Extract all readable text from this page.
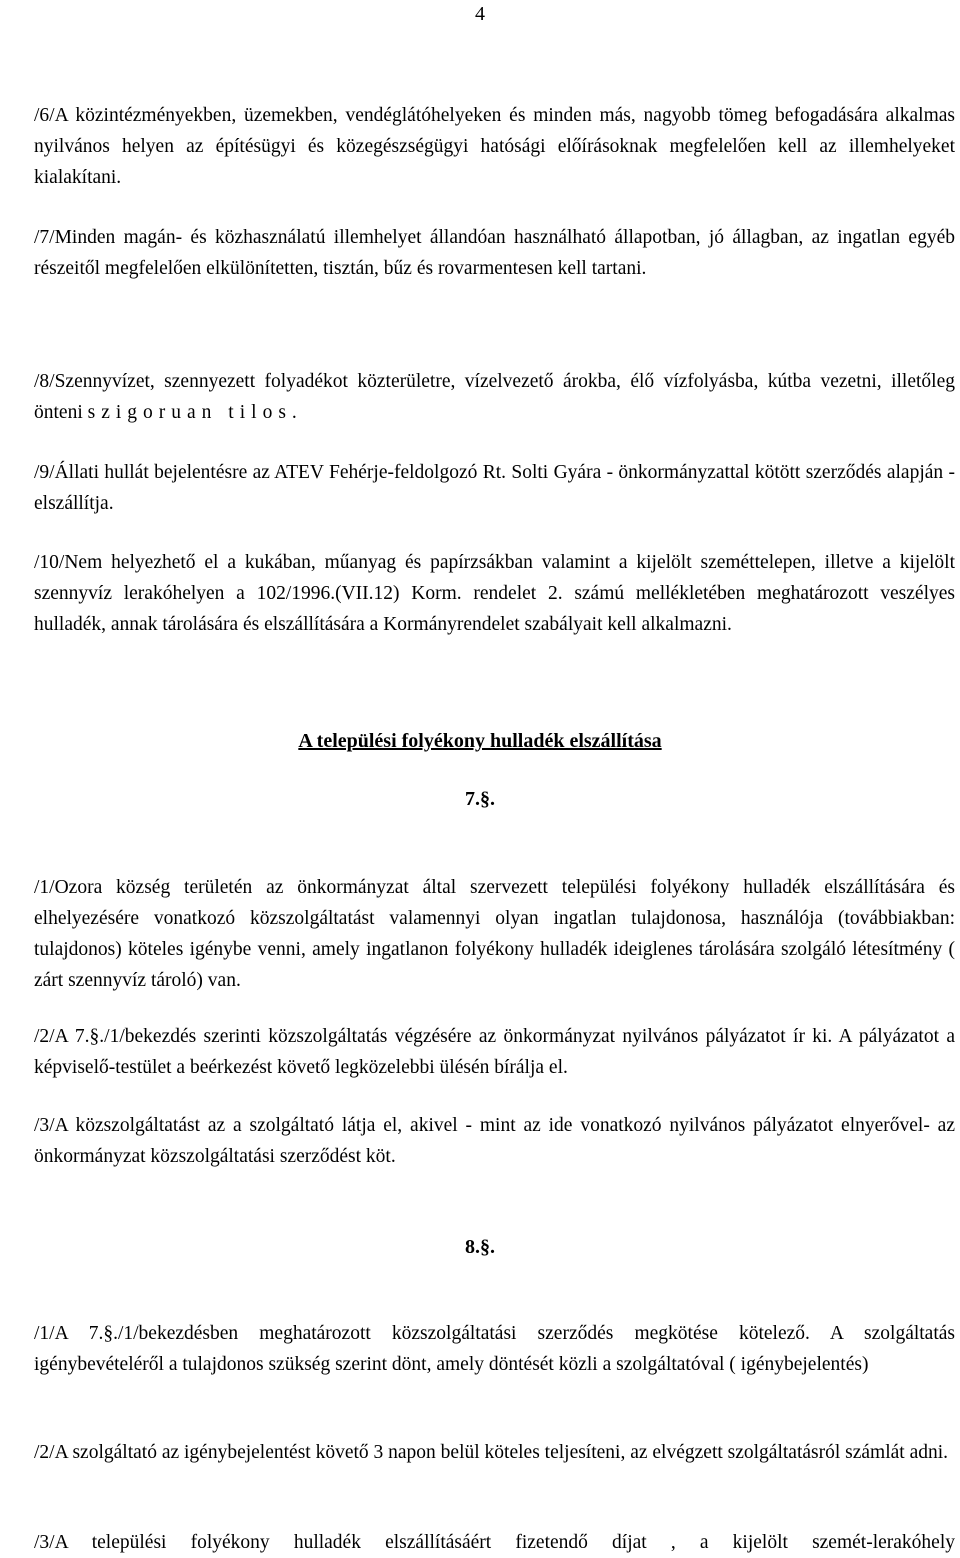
4

/6/A közintézményekben, üzemekben, vendéglátóhelyeken és minden más, nagyobb tömeg befogadására alkalmas nyilvános helyen az építésügyi és közegészségügyi hatósági előírásoknak megfelelően kell az illemhelyeket kialakítani.

/7/Minden magán- és közhasználatú illemhelyet állandóan használható állapotban, jó állagban, az ingatlan egyéb részeitől megfelelően elkülönítetten, tisztán, bűz és rovarmentesen kell tartani.

/8/Szennyvízet, szennyezett folyadékot közterületre, vízelvezető árokba, élő vízfolyásba, kútba vezetni, illetőleg önteni szigoruan tilos.

/9/Állati hullát bejelentésre az ATEV Fehérje-feldolgozó Rt. Solti Gyára - önkormányzattal kötött szerződés alapján - elszállítja.

/10/Nem helyezhető el a kukában, műanyag és papírzsákban valamint a kijelölt szeméttelepen, illetve a kijelölt szennyvíz lerakóhelyen a 102/1996.(VII.12) Korm. rendelet 2. számú mellékletében meghatározott veszélyes hulladék, annak tárolására és elszállítására a Kormányrendelet szabályait kell alkalmazni.

A települési folyékony hulladék elszállítása
7.§.

/1/Ozora község területén az önkormányzat által szervezett települési folyékony hulladék elszállítására és elhelyezésére vonatkozó közszolgáltatást valamennyi olyan ingatlan tulajdonosa, használója (továbbiakban: tulajdonos) köteles igénybe venni, amely ingatlanon folyékony hulladék ideiglenes tárolására szolgáló létesítmény ( zárt szennyvíz tároló) van.

/2/A 7.§./1/bekezdés szerinti közszolgáltatás végzésére az önkormányzat nyilvános pályázatot ír ki. A pályázatot a képviselő-testület a beérkezést követő legközelebbi ülésén bírálja el.

/3/A közszolgáltatást az a szolgáltató látja el, akivel - mint az ide vonatkozó nyilvános pályázatot elnyerővel- az önkormányzat közszolgáltatási szerződést köt.

8.§.

/1/A 7.§./1/bekezdésben meghatározott közszolgáltatási szerződés megkötése kötelező. A szolgáltatás igénybevételéről a tulajdonos szükség szerint dönt, amely döntését közli a szolgáltatóval ( igénybejelentés)

/2/A szolgáltató az igénybejelentést követő 3 napon belül köteles teljesíteni, az elvégzett szolgáltatásról számlát adni.

/3/A települési folyékony hulladék elszállításáért fizetendő díjat , a kijelölt szemét-lerakóhely
